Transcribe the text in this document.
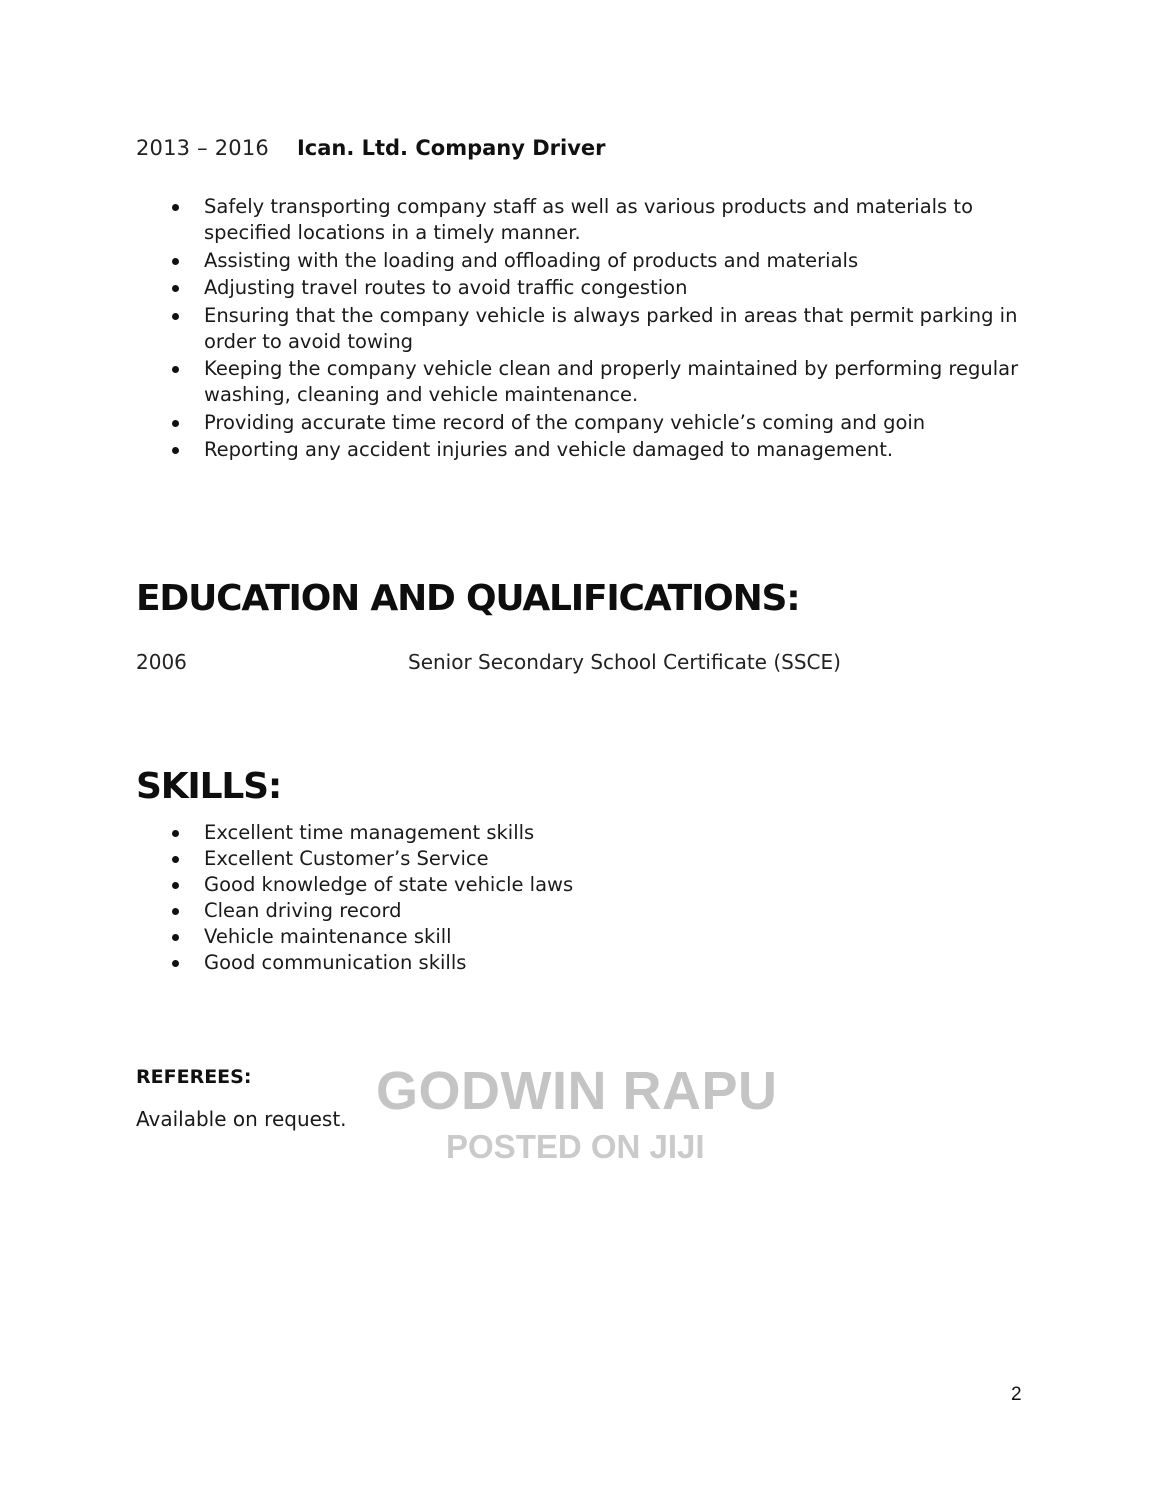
2013 – 2016 Ican. Ltd. Company Driver
Safely transporting company staff as well as various products and materials to specified locations in a timely manner.
Assisting with the loading and offloading of products and materials
Adjusting travel routes to avoid traffic congestion
Ensuring that the company vehicle is always parked in areas that permit parking in order to avoid towing
Keeping the company vehicle clean and properly maintained by performing regular washing, cleaning and vehicle maintenance.
Providing accurate time record of the company vehicle’s coming and goin
Reporting any accident injuries and vehicle damaged to management.
EDUCATION AND QUALIFICATIONS:
2006	Senior Secondary School Certificate (SSCE)
SKILLS:
Excellent time management skills
Excellent Customer’s Service
Good knowledge of state vehicle laws
Clean driving record
Vehicle maintenance skill
Good communication skills
REFEREES:
Available on request. GODWIN RAPU
POSTED ON JIJI
2
